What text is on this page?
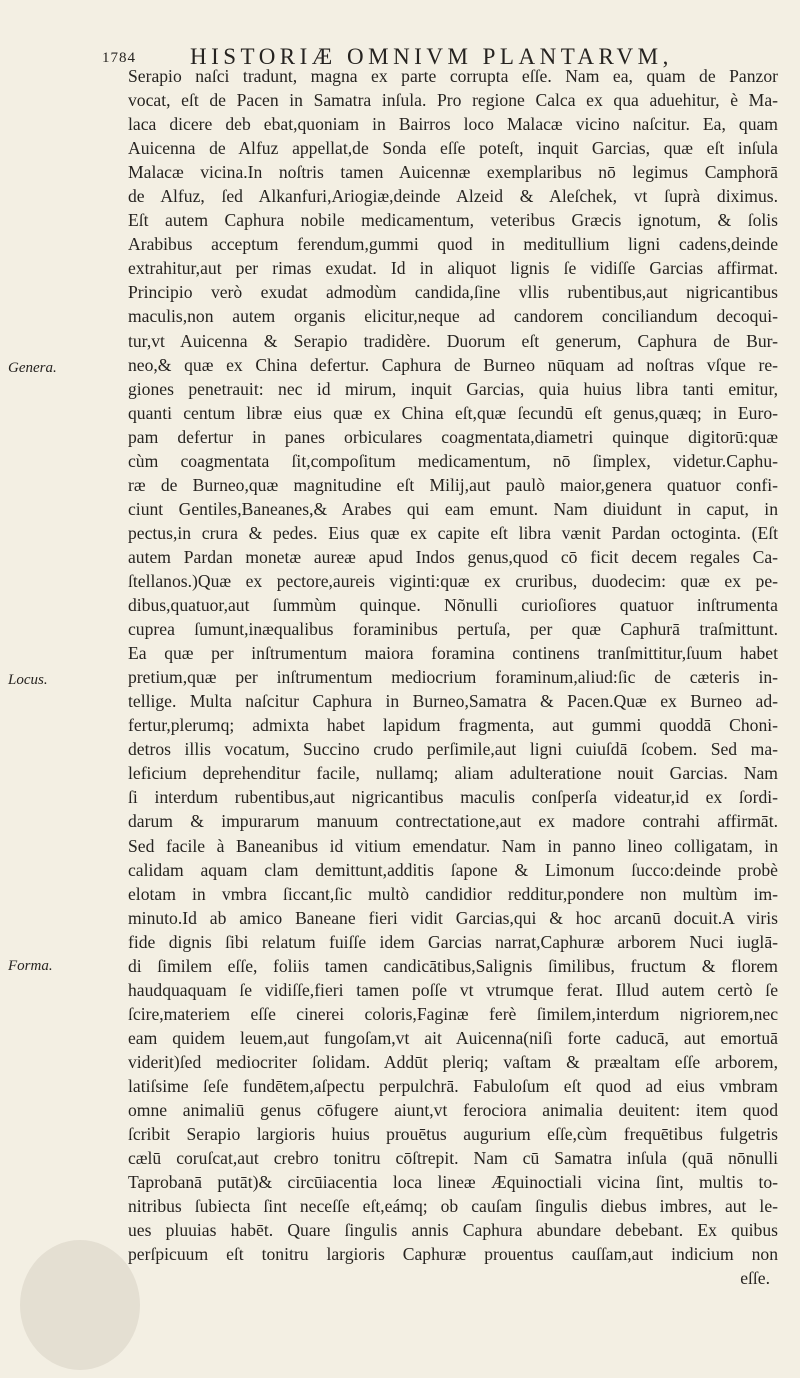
1784 HISTORIÆ OMNIVM PLANTARVM,
Genera.
Locus.
Forma.
Serapio naſci tradunt, magna ex parte corrupta eſſe. Nam ea, quam de Panzor
vocat, eſt de Pacen in Samatra inſula. Pro regione Calca ex qua aduehitur, è Ma-
laca dicere deb ebat,quoniam in Bairros loco Malacæ vicino naſcitur. Ea, quam
Auicenna de Alfuz appellat,de Sonda eſſe poteſt, inquit Garcias, quæ eſt inſula
Malacæ vicina.In noſtris tamen Auicennæ exemplaribus nō legimus Camphorā
de Alfuz, ſed Alkanfuri,Ariogiæ,deinde Alzeid & Aleſchek, vt ſuprà diximus.
Eſt autem Caphura nobile medicamentum, veteribus Græcis ignotum, & ſolis
Arabibus acceptum ferendum,gummi quod in meditullium ligni cadens,deinde
extrahitur,aut per rimas exudat. Id in aliquot lignis ſe vidiſſe Garcias affirmat.
Principio verò exudat admodùm candida,ſine vllis rubentibus,aut nigricantibus
maculis,non autem organis elicitur,neque ad candorem conciliandum decoqui-
tur,vt Auicenna & Serapio tradidère. Duorum eſt generum, Caphura de Bur-
neo,& quæ ex China defertur. Caphura de Burneo nūquam ad noſtras vſque re-
giones penetrauit: nec id mirum, inquit Garcias, quia huius libra tanti emitur,
quanti centum libræ eius quæ ex China eſt,quæ ſecundū eſt genus,quæq; in Euro-
pam defertur in panes orbiculares coagmentata,diametri quinque digitorū:quæ
cùm coagmentata ſit,compoſitum medicamentum, nō ſimplex, videtur.Caphu-
ræ de Burneo,quæ magnitudine eſt Milij,aut paulò maior,genera quatuor confi-
ciunt Gentiles,Baneanes,& Arabes qui eam emunt. Nam diuidunt in caput, in
pectus,in crura & pedes. Eius quæ ex capite eſt libra vænit Pardan octoginta. (Eſt
autem Pardan monetæ aureæ apud Indos genus,quod cō ficit decem regales Ca-
ſtellanos.)Quæ ex pectore,aureis viginti:quæ ex cruribus, duodecim: quæ ex pe-
dibus,quatuor,aut ſummùm quinque. Nõnulli curioſiores quatuor inſtrumenta
cuprea ſumunt,inæqualibus foraminibus pertuſa, per quæ Caphurā traſmittunt.
Ea quæ per inſtrumentum maiora foramina continens tranſmittitur,ſuum habet
pretium,quæ per inſtrumentum mediocrium foraminum,aliud:ſic de cæteris in-
tellige. Multa naſcitur Caphura in Burneo,Samatra & Pacen.Quæ ex Burneo ad-
fertur,plerumq; admixta habet lapidum fragmenta, aut gummi quoddā Choni-
detros illis vocatum, Succino crudo perſimile,aut ligni cuiuſdā ſcobem. Sed ma-
leficium deprehenditur facile, nullamq; aliam adulteratione nouit Garcias. Nam
ſi interdum rubentibus,aut nigricantibus maculis conſperſa videatur,id ex ſordi-
darum & impurarum manuum contrectatione,aut ex madore contrahi affirmāt.
Sed facile à Baneanibus id vitium emendatur. Nam in panno lineo colligatam, in
calidam aquam clam demittunt,additis ſapone & Limonum ſucco:deinde probè
elotam in vmbra ſiccant,ſic multò candidior redditur,pondere non multùm im-
minuto.Id ab amico Baneane fieri vidit Garcias,qui & hoc arcanū docuit.A viris
fide dignis ſibi relatum fuiſſe idem Garcias narrat,Caphuræ arborem Nuci iuglā-
di ſimilem eſſe, foliis tamen candicātibus,Salignis ſimilibus, fructum & florem
haudquaquam ſe vidiſſe,fieri tamen poſſe vt vtrumque ferat. Illud autem certò ſe
ſcire,materiem eſſe cinerei coloris,Faginæ ferè ſimilem,interdum nigriorem,nec
eam quidem leuem,aut fungoſam,vt ait Auicenna(niſi forte caducā, aut emortuā
viderit)ſed mediocriter ſolidam. Addūt pleriq; vaſtam & præaltam eſſe arborem,
latiſsime ſeſe fundētem,aſpectu perpulchrā. Fabuloſum eſt quod ad eius vmbram
omne animaliū genus cōfugere aiunt,vt ferociora animalia deuitent: item quod
ſcribit Serapio largioris huius prouētus augurium eſſe,cùm frequētibus fulgetris
cælū coruſcat,aut crebro tonitru cōſtrepit. Nam cū Samatra inſula (quā nōnulli
Taprobanā putāt)& circūiacentia loca lineæ Æquinoctiali vicina ſint, multis to-
nitribus ſubiecta ſint neceſſe eſt,eámq; ob cauſam ſingulis diebus imbres, aut le-
ues pluuias habēt. Quare ſingulis annis Caphura abundare debebant. Ex quibus
perſpicuum eſt tonitru largioris Caphuræ prouentus cauſſam,aut indicium non
eſſe.
